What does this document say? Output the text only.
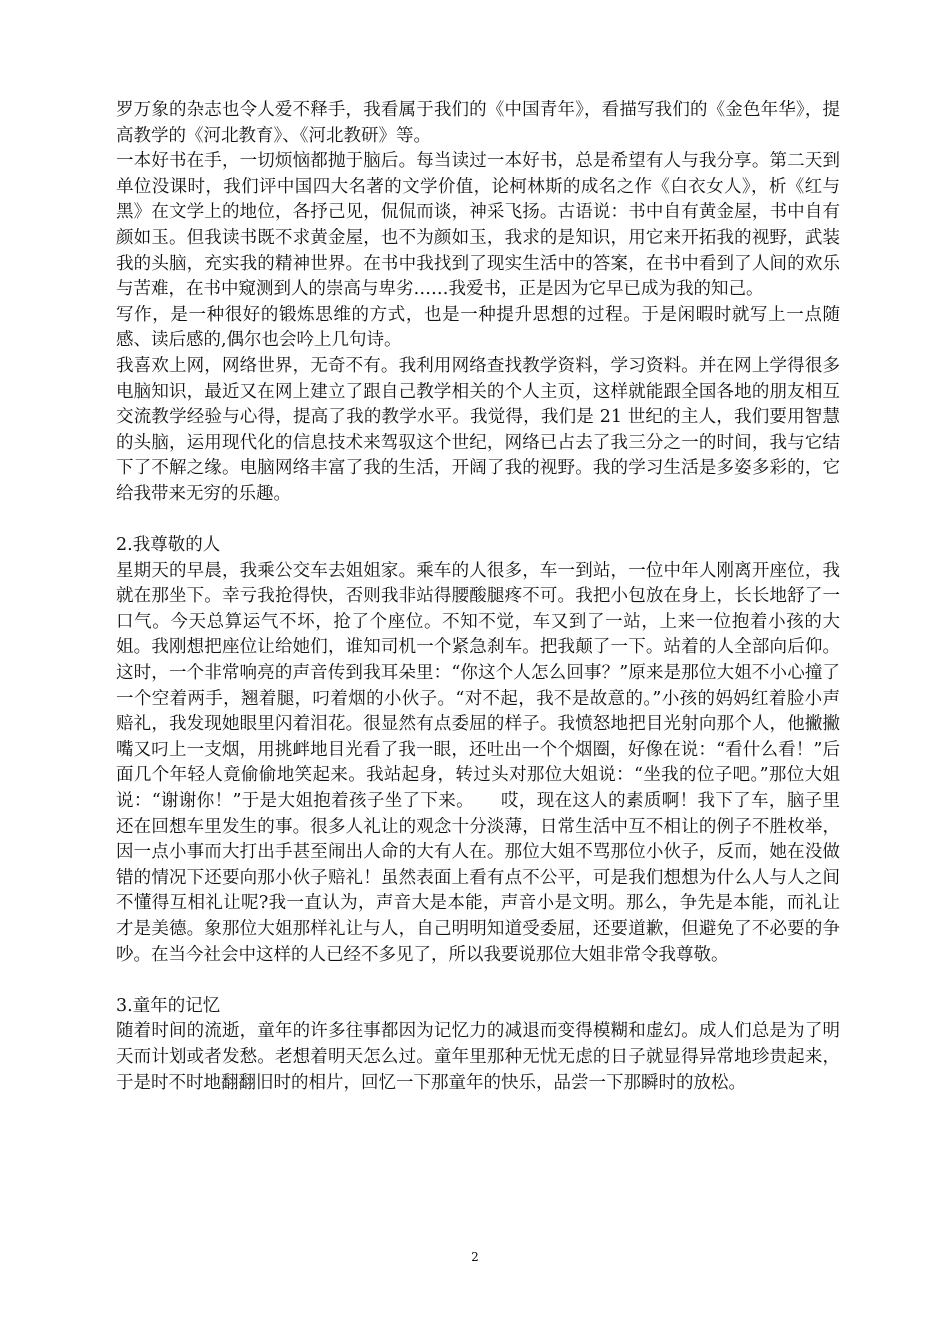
罗万象的杂志也令人爱不释手，我看属于我们的《中国青年》，看描写我们的《金色年华》，提高教学的《河北教育》、《河北教研》等。

一本好书在手，一切烦恼都抛于脑后。每当读过一本好书，总是希望有人与我分享。第二天到单位没课时，我们评中国四大名著的文学价值，论柯林斯的成名之作《白衣女人》，析《红与黑》在文学上的地位，各抒己见，侃侃而谈，神采飞扬。古语说：书中自有黄金屋，书中自有颜如玉。但我读书既不求黄金屋，也不为颜如玉，我求的是知识，用它来开拓我的视野，武装我的头脑，充实我的精神世界。在书中我找到了现实生活中的答案，在书中看到了人间的欢乐与苦难，在书中窥测到人的崇高与卑劣……我爱书，正是因为它早已成为我的知己。

写作，是一种很好的锻炼思维的方式，也是一种提升思想的过程。于是闲暇时就写上一点随感、读后感的,偶尔也会吟上几句诗。

我喜欢上网，网络世界，无奇不有。我利用网络查找教学资料，学习资料。并在网上学得很多电脑知识，最近又在网上建立了跟自己教学相关的个人主页，这样就能跟全国各地的朋友相互交流教学经验与心得，提高了我的教学水平。我觉得，我们是 21 世纪的主人，我们要用智慧的头脑，运用现代化的信息技术来驾驭这个世纪，网络已占去了我三分之一的时间，我与它结下了不解之缘。电脑网络丰富了我的生活，开阔了我的视野。我的学习生活是多姿多彩的，它给我带来无穷的乐趣。

2.我尊敬的人

星期天的早晨，我乘公交车去姐姐家。乘车的人很多，车一到站，一位中年人刚离开座位，我就在那坐下。幸亏我抢得快，否则我非站得腰酸腿疼不可。我把小包放在身上，长长地舒了一口气。今天总算运气不坏，抢了个座位。不知不觉，车又到了一站，上来一位抱着小孩的大姐。我刚想把座位让给她们，谁知司机一个紧急刹车。把我颠了一下。站着的人全部向后仰。这时，一个非常响亮的声音传到我耳朵里：“你这个人怎么回事？”原来是那位大姐不小心撞了一个空着两手，翘着腿，叼着烟的小伙子。“对不起，我不是故意的。”小孩的妈妈红着脸小声赔礼，我发现她眼里闪着泪花。很显然有点委屈的样子。我愤怒地把目光射向那个人，他撇撇嘴又叼上一支烟，用挑衅地目光看了我一眼，还吐出一个个烟圈，好像在说：“看什么看！”后面几个年轻人竟偷偷地笑起来。我站起身，转过头对那位大姐说：“坐我的位子吧。”那位大姐说：“谢谢你！”于是大姐抱着孩子坐了下来。　　哎，现在这人的素质啊！我下了车，脑子里还在回想车里发生的事。很多人礼让的观念十分淡薄，日常生活中互不相让的例子不胜枚举，因一点小事而大打出手甚至闹出人命的大有人在。那位大姐不骂那位小伙子，反而，她在没做错的情况下还要向那小伙子赔礼！虽然表面上看有点不公平，可是我们想想为什么人与人之间不懂得互相礼让呢?我一直认为，声音大是本能，声音小是文明。那么，争先是本能，而礼让才是美德。象那位大姐那样礼让与人，自己明明知道受委屈，还要道歉，但避免了不必要的争吵。在当今社会中这样的人已经不多见了，所以我要说那位大姐非常令我尊敬。

3.童年的记忆

随着时间的流逝，童年的许多往事都因为记忆力的减退而变得模糊和虚幻。成人们总是为了明天而计划或者发愁。老想着明天怎么过。童年里那种无忧无虑的日子就显得异常地珍贵起来，于是时不时地翻翻旧时的相片，回忆一下那童年的快乐，品尝一下那瞬时的放松。

2
